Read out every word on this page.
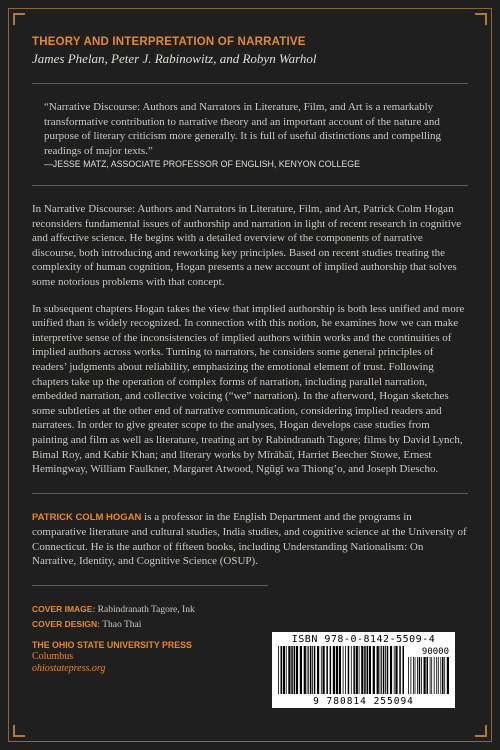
THEORY AND INTERPRETATION OF NARRATIVE
James Phelan, Peter J. Rabinowitz, and Robyn Warhol
“Narrative Discourse: Authors and Narrators in Literature, Film, and Art is a remarkably transformative contribution to narrative theory and an important account of the nature and purpose of literary criticism more generally. It is full of useful distinctions and compelling readings of major texts.”
—JESSE MATZ, ASSOCIATE PROFESSOR OF ENGLISH, KENYON COLLEGE

In Narrative Discourse: Authors and Narrators in Literature, Film, and Art, Patrick Colm Hogan reconsiders fundamental issues of authorship and narration in light of recent research in cognitive and affective science. He begins with a detailed overview of the components of narrative discourse, both introducing and reworking key principles. Based on recent studies treating the complexity of human cognition, Hogan presents a new account of implied authorship that solves some notorious problems with that concept.

In subsequent chapters Hogan takes the view that implied authorship is both less unified and more unified than is widely recognized. In connection with this notion, he examines how we can make interpretive sense of the inconsistencies of implied authors within works and the continuities of implied authors across works. Turning to narrators, he considers some general principles of readers’ judgments about reliability, emphasizing the emotional element of trust. Following chapters take up the operation of complex forms of narration, including parallel narration, embedded narration, and collective voicing (“we” narration). In the afterword, Hogan sketches some subtleties at the other end of narrative communication, considering implied readers and narratees. In order to give greater scope to the analyses, Hogan develops case studies from painting and film as well as literature, treating art by Rabindranath Tagore; films by David Lynch, Bimal Roy, and Kabir Khan; and literary works by Mīrābāī, Harriet Beecher Stowe, Ernest Hemingway, William Faulkner, Margaret Atwood, Ngũgĩ wa Thiong’o, and Joseph Diescho.

PATRICK COLM HOGAN is a professor in the English Department and the programs in comparative literature and cultural studies, India studies, and cognitive science at the University of Connecticut. He is the author of fifteen books, including Understanding Nationalism: On Narrative, Identity, and Cognitive Science (OSUP).

COVER IMAGE: Rabindranath Tagore, Ink
COVER DESIGN: Thao Thai
THE OHIO STATE UNIVERSITY PRESS
Columbus
ohiostatepress.org
ISBN 978-0-8142-5509-4
90000
9 780814 255094
